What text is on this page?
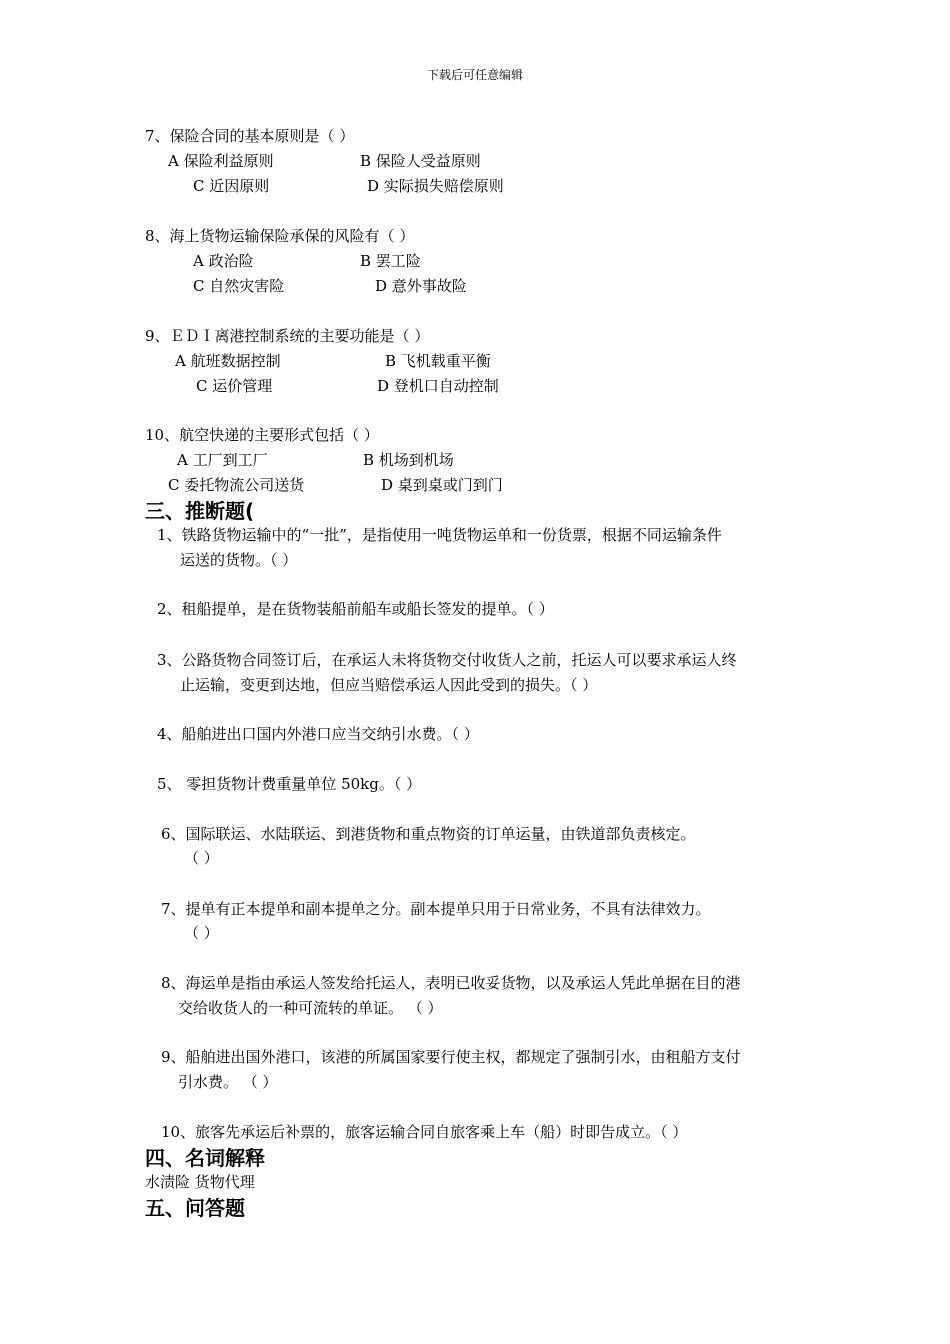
下载后可任意编辑
7、保险合同的基本原则是（ ）
A 保险利益原则	B 保险人受益原则
C 近因原则	D 实际损失赔偿原则
8、海上货物运输保险承保的风险有（ ）
A 政治险	B 罢工险
C 自然灾害险	D 意外事故险
9、ＥＤＩ离港控制系统的主要功能是（ ）
A 航班数据控制	B 飞机载重平衡
C 运价管理	D 登机口自动控制
10、航空快递的主要形式包括（ ）
A 工厂到工厂	B 机场到机场
C 委托物流公司送货	D 桌到桌或门到门
三、推断题(
1、铁路货物运输中的“一批”，是指使用一吨货物运单和一份货票，根据不同运输条件
运送的货物。（ ）
2、租船提单，是在货物装船前船车或船长签发的提单。（ ）
3、公路货物合同签订后，在承运人未将货物交付收货人之前，托运人可以要求承运人终
止运输，变更到达地，但应当赔偿承运人因此受到的损失。（ ）
4、船舶进出口国内外港口应当交纳引水费。（ ）
5、 零担货物计费重量单位 50kg。（ ）
6、国际联运、水陆联运、到港货物和重点物资的订单运量，由铁道部负责核定。
（ ）
7、提单有正本提单和副本提单之分。副本提单只用于日常业务，不具有法律效力。
（ ）
8、海运单是指由承运人签发给托运人，表明已收妥货物，以及承运人凭此单据在目的港
交给收货人的一种可流转的单证。 （ ）
9、船舶进出国外港口，该港的所属国家要行使主权，都规定了强制引水，由租船方支付
引水费。 （ ）
10、旅客先承运后补票的，旅客运输合同自旅客乘上车（船）时即告成立。（ ）
四、名词解释
水渍险 货物代理
五、问答题
